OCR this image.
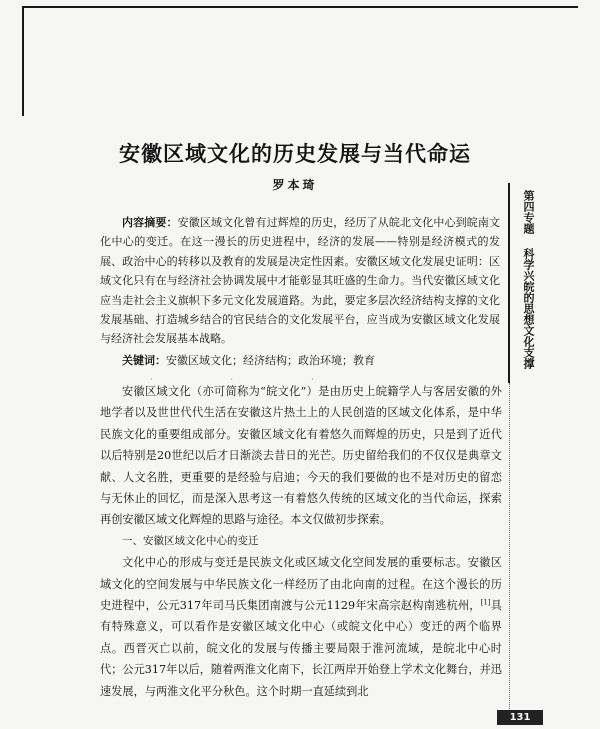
安徽区域文化的历史发展与当代命运
罗本琦
内容摘要：安徽区域文化曾有过辉煌的历史，经历了从皖北文化中心到皖南文化中心的变迁。在这一漫长的历史进程中，经济的发展——特别是经济模式的发展、政治中心的转移以及教育的发展是决定性因素。安徽区域文化发展史证明：区域文化只有在与经济社会协调发展中才能彰显其旺盛的生命力。当代安徽区域文化应当走社会主义旗帜下多元文化发展道路。为此，要定多层次经济结构支撑的文化发展基础、打造城乡结合的官民结合的文化发展平台，应当成为安徽区域文化发展与经济社会发展基本战略。
关键词：安徽区域文化；经济结构；政治环境；教育
···

安徽区域文化（亦可简称为“皖文化”）是由历史上皖籍学人与客居安徽的外地学者以及世世代代生活在安徽这片热土上的人民创造的区域文化体系，是中华民族文化的重要组成部分。安徽区域文化有着悠久而辉煌的历史，只是到了近代以后特别是20世纪以后才日渐淡去昔日的光芒。历史留给我们的不仅仅是典章文献、人文名胜，更重要的是经验与启迪；今天的我们要做的也不是对历史的留恋与无休止的回忆，而是深入思考这一有着悠久传统的区域文化的当代命运，探索再创安徽区域文化辉煌的思路与途径。本文仅做初步探索。

一、安徽区域文化中心的变迁

文化中心的形成与变迁是民族文化或区域文化空间发展的重要标志。安徽区域文化的空间发展与中华民族文化一样经历了由北向南的过程。在这个漫长的历史进程中，公元317年司马氏集团南渡与公元1129年宋高宗赵构南逃杭州，[1]具有特殊意义，可以看作是安徽区域文化中心（或皖文化中心）变迁的两个临界点。西晋灭亡以前，皖文化的发展与传播主要局限于淮河流域，是皖北中心时代；公元317年以后，随着两淮文化南下，长江两岸开始登上学术文化舞台，并迅速发展，与两淮文化平分秋色。这个时期一直延续到北

第四专题科学兴皖的思想文化支撑
131
